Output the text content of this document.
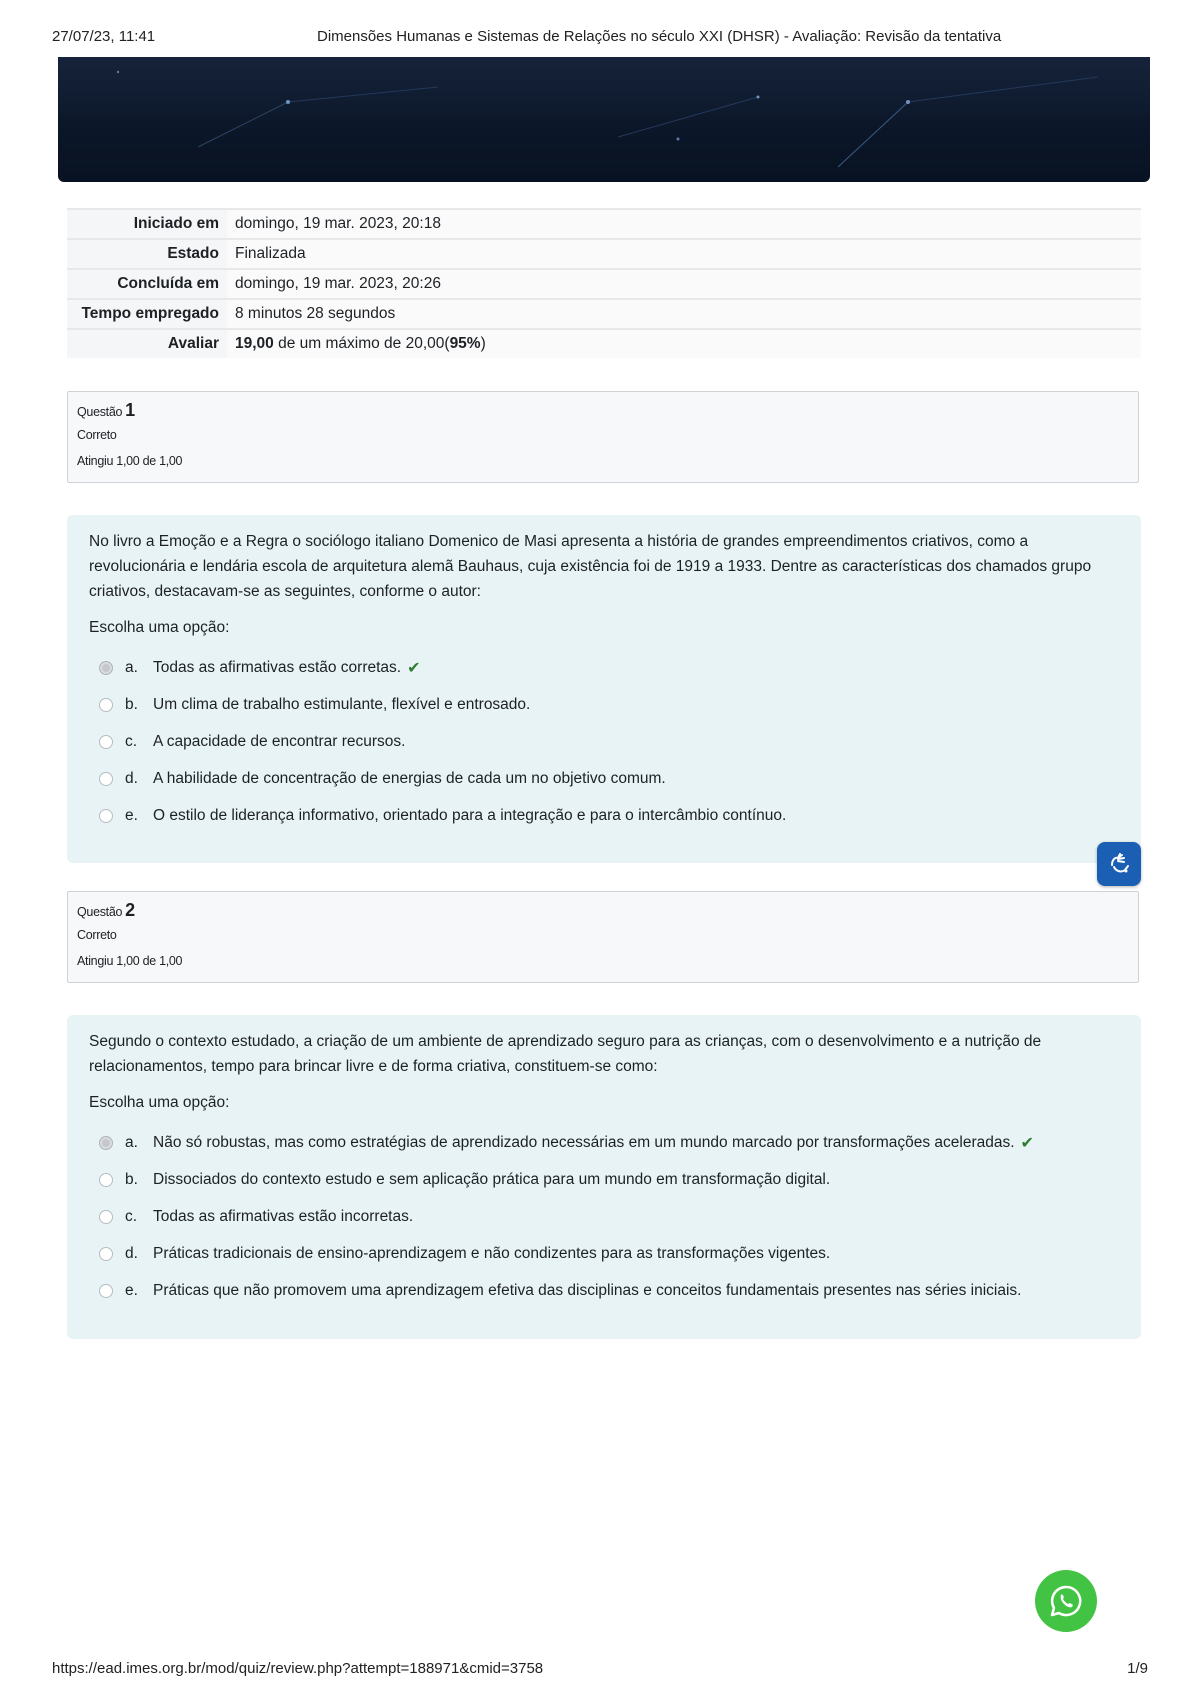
27/07/23, 11:41	Dimensões Humanas e Sistemas de Relações no século XXI (DHSR) - Avaliação: Revisão da tentativa
Iniciado em	domingo, 19 mar. 2023, 20:18
Estado	Finalizada
Concluída em	domingo, 19 mar. 2023, 20:26
Tempo empregado	8 minutos 28 segundos
Avaliar	19,00 de um máximo de 20,00(95%)
Questão 1
Correto
Atingiu 1,00 de 1,00

No livro a Emoção e a Regra o sociólogo italiano Domenico de Masi apresenta a história de grandes empreendimentos criativos, como a revolucionária e lendária escola de arquitetura alemã Bauhaus, cuja existência foi de 1919 a 1933. Dentre as características dos chamados grupo criativos, destacavam-se as seguintes, conforme o autor:

Escolha uma opção:
a. Todas as afirmativas estão corretas. ✔
b. Um clima de trabalho estimulante, flexível e entrosado.
c.	A capacidade de encontrar recursos.
d. A habilidade de concentração de energias de cada um no objetivo comum.
e. O estilo de liderança informativo, orientado para a integração e para o intercâmbio contínuo.
Questão 2
Correto
Atingiu 1,00 de 1,00

Segundo o contexto estudado, a criação de um ambiente de aprendizado seguro para as crianças, com o desenvolvimento e a nutrição de relacionamentos, tempo para brincar livre e de forma criativa, constituem-se como:

Escolha uma opção:
a. Não só robustas, mas como estratégias de aprendizado necessárias em um mundo marcado por transformações aceleradas. ✔
b. Dissociados do contexto estudo e sem aplicação prática para um mundo em transformação digital.
c.	Todas as afirmativas estão incorretas.
d. Práticas tradicionais de ensino-aprendizagem e não condizentes para as transformações vigentes.
e. Práticas que não promovem uma aprendizagem efetiva das disciplinas e conceitos fundamentais presentes nas séries iniciais.
https://ead.imes.org.br/mod/quiz/review.php?attempt=188971&cmid=3758	1/9
